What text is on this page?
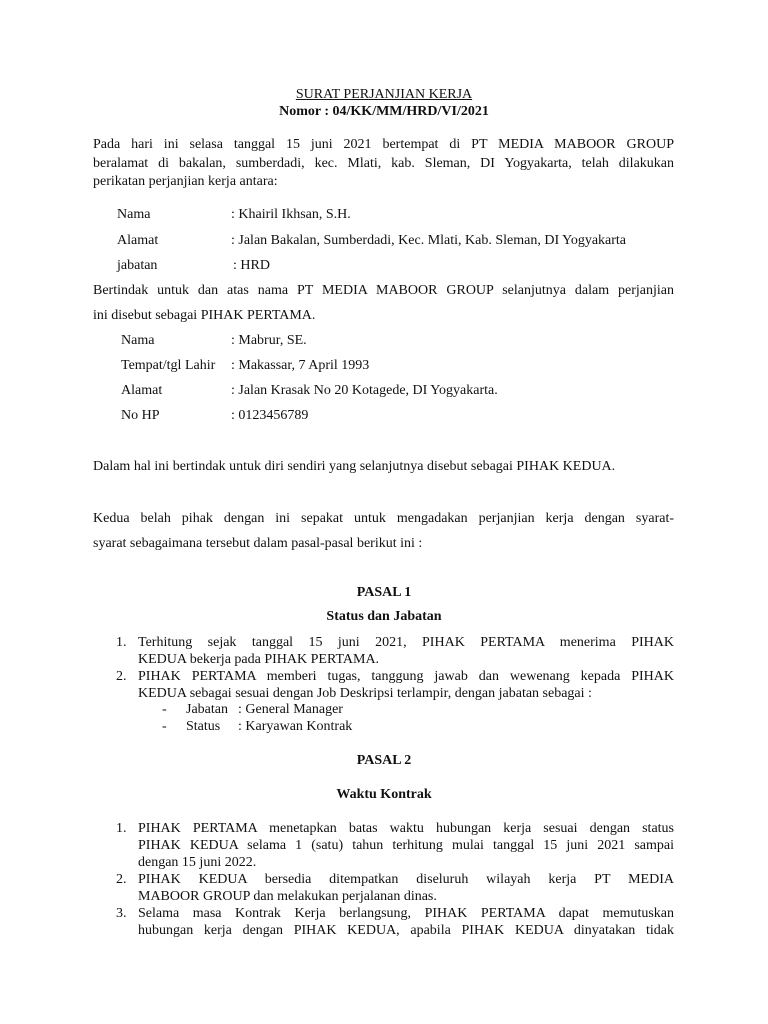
SURAT PERJANJIAN KERJA
Nomor : 04/KK/MM/HRD/VI/2021
Pada hari ini selasa tanggal 15 juni 2021 bertempat di PT MEDIA MABOOR GROUP
beralamat di bakalan, sumberdadi, kec. Mlati, kab. Sleman, DI Yogyakarta, telah dilakukan
perikatan perjanjian kerja antara:
Nama	: Khairil Ikhsan, S.H.
Alamat	: Jalan Bakalan, Sumberdadi, Kec. Mlati, Kab. Sleman, DI Yogyakarta
jabatan	: HRD
Bertindak untuk dan atas nama PT MEDIA MABOOR GROUP selanjutnya dalam perjanjian
ini disebut sebagai PIHAK PERTAMA.
Nama	: Mabrur, SE.
Tempat/tgl Lahir : Makassar, 7 April 1993
Alamat	: Jalan Krasak No 20 Kotagede, DI Yogyakarta.
No HP	: 0123456789
Dalam hal ini bertindak untuk diri sendiri yang selanjutnya disebut sebagai PIHAK KEDUA.
Kedua belah pihak dengan ini sepakat untuk mengadakan perjanjian kerja dengan syarat-
syarat sebagaimana tersebut dalam pasal-pasal berikut ini :
PASAL 1
Status dan Jabatan
1. Terhitung sejak tanggal 15 juni 2021, PIHAK PERTAMA menerima PIHAK
KEDUA bekerja pada PIHAK PERTAMA.
2. PIHAK PERTAMA memberi tugas, tanggung jawab dan wewenang kepada PIHAK
KEDUA sebagai sesuai dengan Job Deskripsi terlampir, dengan jabatan sebagai :
- Jabatan : General Manager
- Status : Karyawan Kontrak
PASAL 2
Waktu Kontrak
1. PIHAK PERTAMA menetapkan batas waktu hubungan kerja sesuai dengan status
PIHAK KEDUA selama 1 (satu) tahun terhitung mulai tanggal 15 juni 2021 sampai
dengan 15 juni 2022.
2. PIHAK KEDUA bersedia ditempatkan diseluruh wilayah kerja PT MEDIA
MABOOR GROUP dan melakukan perjalanan dinas.
3. Selama masa Kontrak Kerja berlangsung, PIHAK PERTAMA dapat memutuskan
hubungan kerja dengan PIHAK KEDUA, apabila PIHAK KEDUA dinyatakan tidak
